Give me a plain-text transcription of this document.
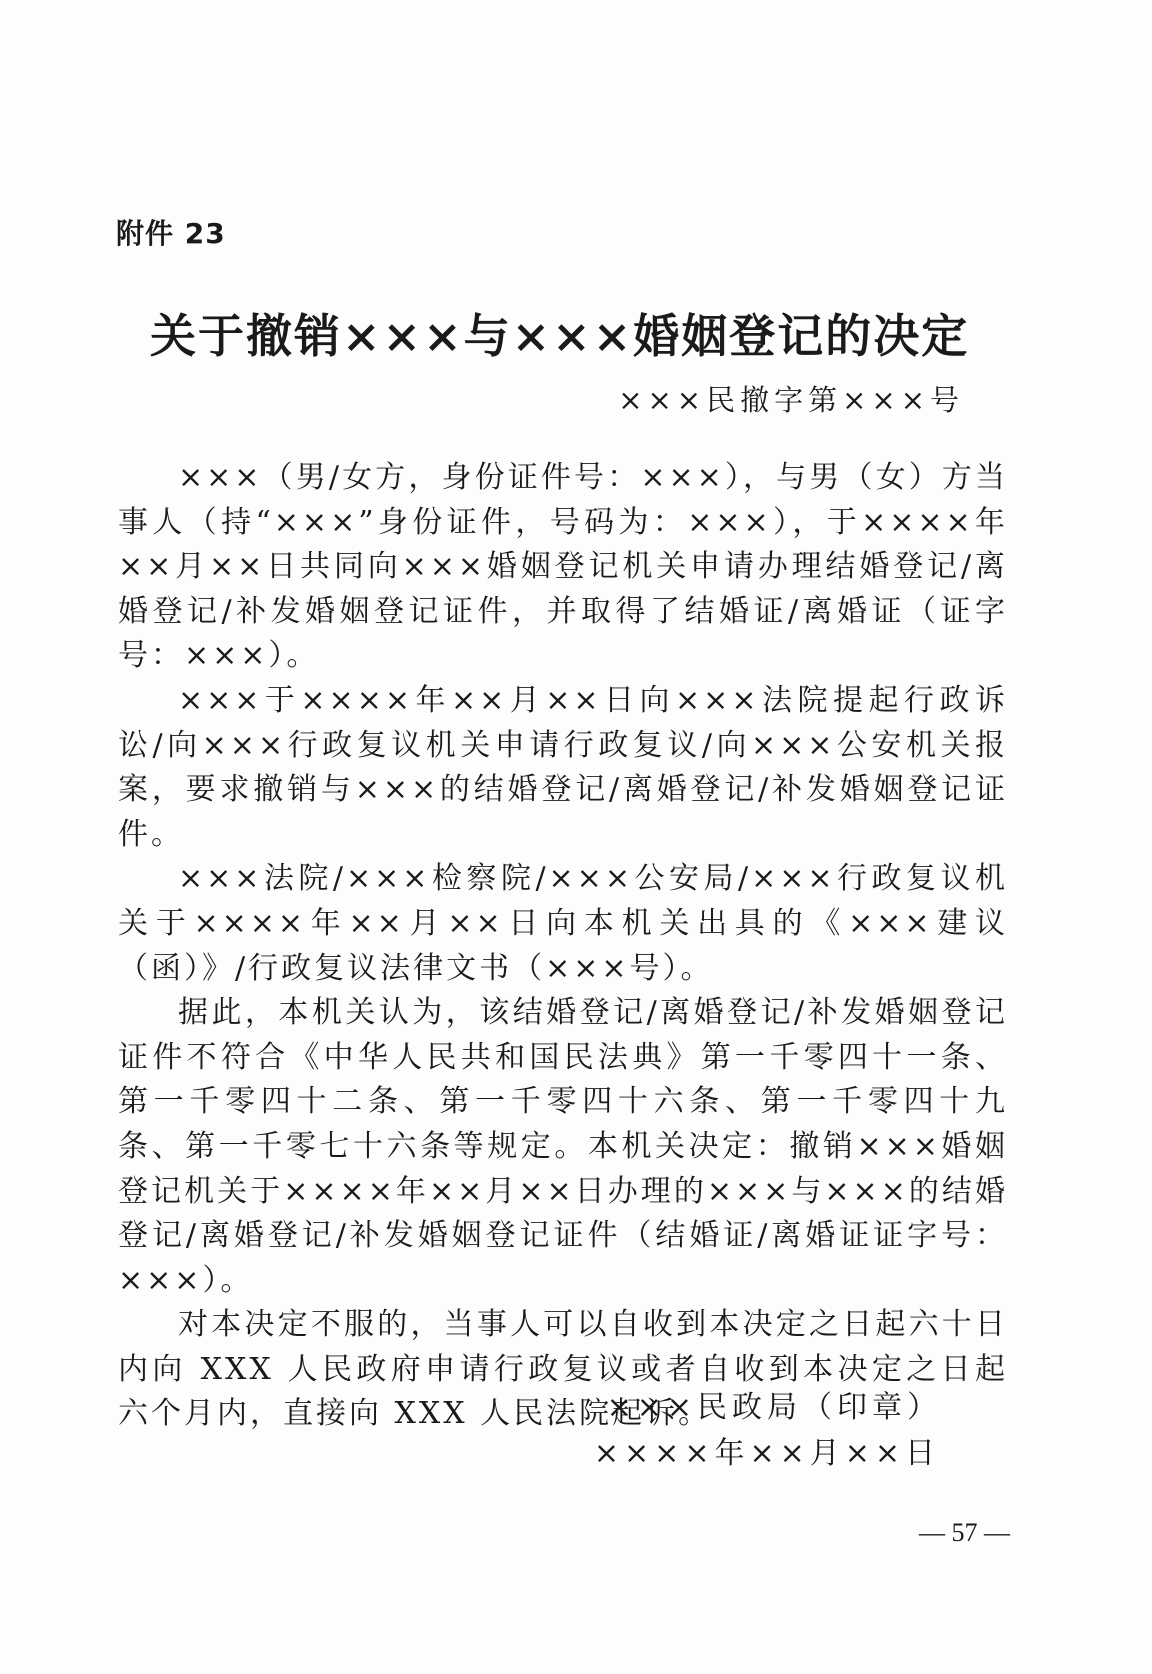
附件 23
关于撤销×××与×××婚姻登记的决定
×××民撤字第×××号

×××（男/女方，身份证件号：×××），与男（女）方当事人（持“×××”身份证件，号码为：×××），于××××年××月××日共同向×××婚姻登记机关申请办理结婚登记/离婚登记/补发婚姻登记证件，并取得了结婚证/离婚证（证字号：×××）。

×××于××××年××月××日向×××法院提起行政诉讼/向×××行政复议机关申请行政复议/向×××公安机关报案，要求撤销与×××的结婚登记/离婚登记/补发婚姻登记证件。

×××法院/×××检察院/×××公安局/×××行政复议机关于××××年××月××日向本机关出具的《×××建议（函）》/行政复议法律文书（×××号）。

据此，本机关认为，该结婚登记/离婚登记/补发婚姻登记证件不符合《中华人民共和国民法典》第一千零四十一条、第一千零四十二条、第一千零四十六条、第一千零四十九条、第一千零七十六条等规定。本机关决定：撤销×××婚姻登记机关于××××年××月××日办理的×××与×××的结婚登记/离婚登记/补发婚姻登记证件（结婚证/离婚证证字号：×××）。

对本决定不服的，当事人可以自收到本决定之日起六十日内向 XXX 人民政府申请行政复议或者自收到本决定之日起六个月内，直接向 XXX 人民法院起诉。

×××民政局（印章）
××××年××月××日
— 57 —
